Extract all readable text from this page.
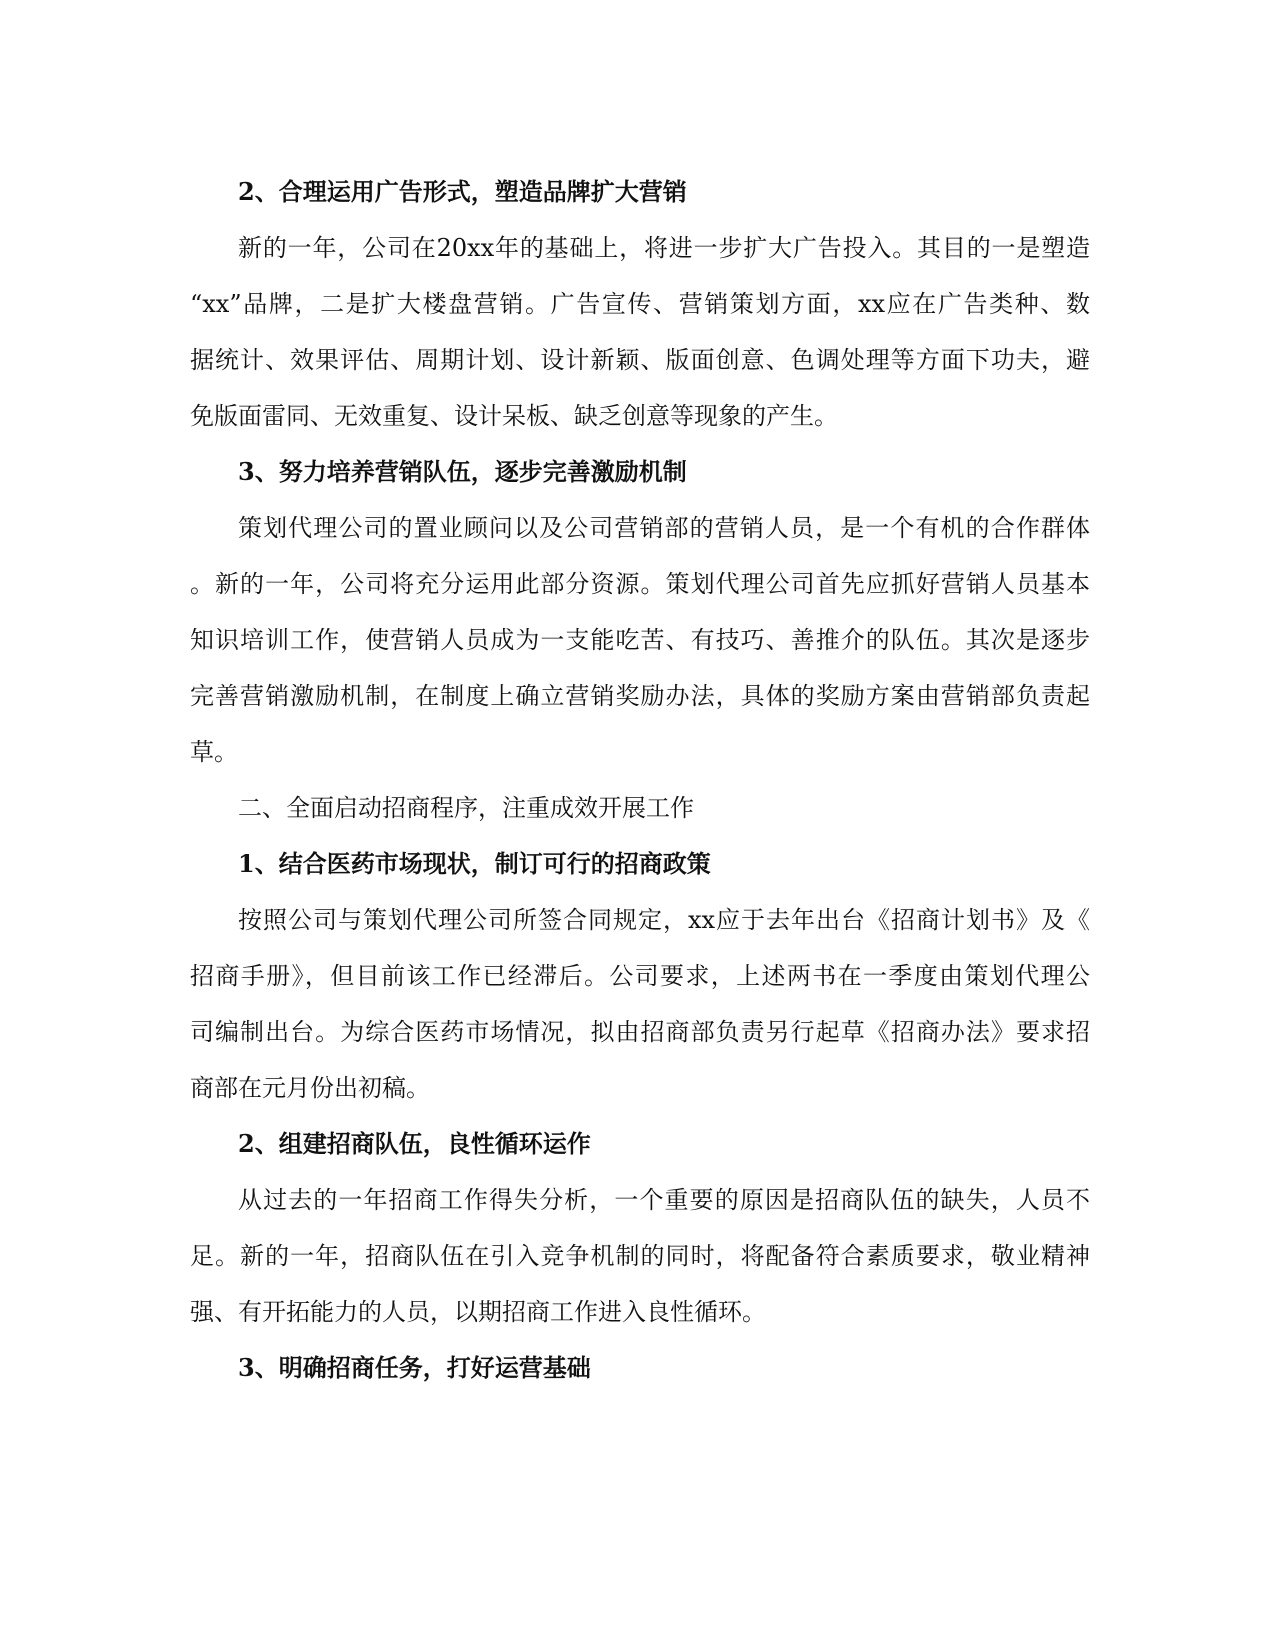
2、合理运用广告形式，塑造品牌扩大营销
新的一年，公司在20xx年的基础上，将进一步扩大广告投入。其目的一是塑造
“xx”品牌，二是扩大楼盘营销。广告宣传、营销策划方面，xx应在广告类种、数
据统计、效果评估、周期计划、设计新颖、版面创意、色调处理等方面下功夫，避
免版面雷同、无效重复、设计呆板、缺乏创意等现象的产生。
3、努力培养营销队伍，逐步完善激励机制
策划代理公司的置业顾问以及公司营销部的营销人员，是一个有机的合作群体
。新的一年，公司将充分运用此部分资源。策划代理公司首先应抓好营销人员基本
知识培训工作，使营销人员成为一支能吃苦、有技巧、善推介的队伍。其次是逐步
完善营销激励机制，在制度上确立营销奖励办法，具体的奖励方案由营销部负责起
草。
二、全面启动招商程序，注重成效开展工作
1、结合医药市场现状，制订可行的招商政策
按照公司与策划代理公司所签合同规定，xx应于去年出台《招商计划书》及《
招商手册》，但目前该工作已经滞后。公司要求，上述两书在一季度由策划代理公
司编制出台。为综合医药市场情况，拟由招商部负责另行起草《招商办法》要求招
商部在元月份出初稿。
2、组建招商队伍，良性循环运作
从过去的一年招商工作得失分析，一个重要的原因是招商队伍的缺失，人员不
足。新的一年，招商队伍在引入竞争机制的同时，将配备符合素质要求，敬业精神
强、有开拓能力的人员，以期招商工作进入良性循环。
3、明确招商任务，打好运营基础
